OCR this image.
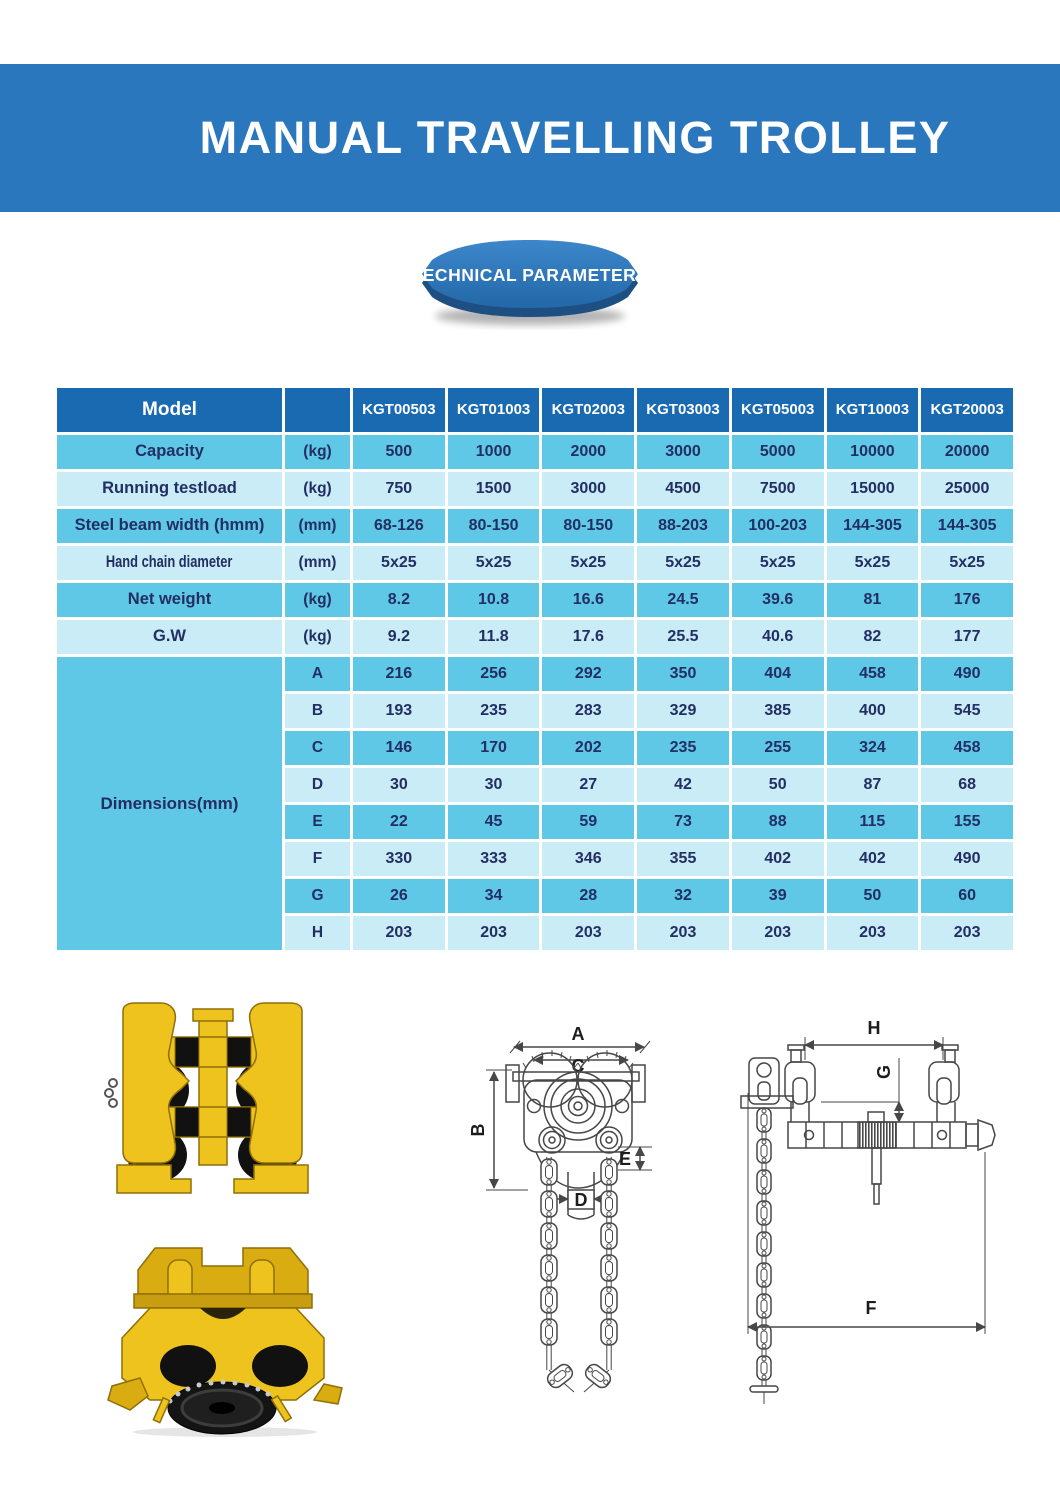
MANUAL TRAVELLING TROLLEY
TECHNICAL PARAMETERS
Model	KGT00503	KGT01003	KGT02003	KGT03003	KGT05003	KGT10003	KGT20003
Capacity	(kg)	500	1000	2000	3000	5000	10000	20000
Running testload	(kg)	750	1500	3000	4500	7500	15000	25000
Steel beam width (hmm)	(mm)	68-126	80-150	80-150	88-203	100-203	144-305	144-305
Hand chain diameter	(mm)	5x25	5x25	5x25	5x25	5x25	5x25	5x25
Net weight	(kg)	8.2	10.8	16.6	24.5	39.6	81	176
G.W	(kg)	9.2	11.8	17.6	25.5	40.6	82	177
Dimensions(mm)
A	216	256	292	350	404	458	490
B	193	235	283	329	385	400	545
C	146	170	202	235	255	324	458
D	30	30	27	42	50	87	68
E	22	45	59	73	88	115	155
F	330	333	346	355	402	402	490
G	26	34	28	32	39	50	60
H	203	203	203	203	203	203	203
A
C
B
E
D
H
G
F
